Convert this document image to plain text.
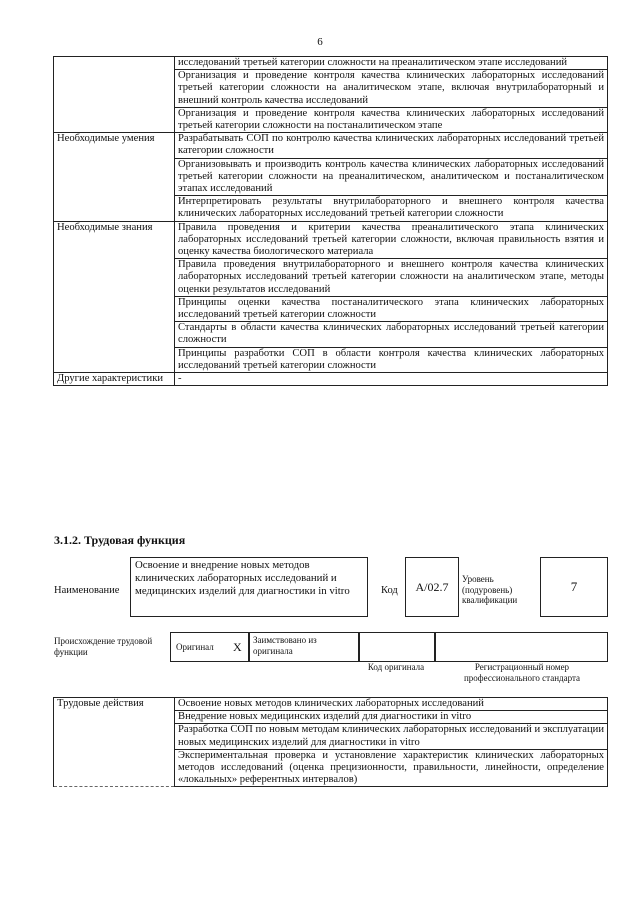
6
	исследований третьей категории сложности на преаналитическом этапе исследований
	Организация и проведение контроля качества клинических лабораторных исследований третьей категории сложности на аналитическом этапе, включая внутрилабораторный и внешний контроль качества исследований
	Организация и проведение контроля качества клинических лабораторных исследований третьей категории сложности на постаналитическом этапе
Необходимые умения	Разрабатывать СОП по контролю качества клинических лабораторных исследований третьей категории сложности
	Организовывать и производить контроль качества клинических лабораторных исследований третьей категории сложности на преаналитическом, аналитическом и постаналитическом этапах исследований
	Интерпретировать результаты внутрилабораторного и внешнего контроля качества клинических лабораторных исследований третьей категории сложности
Необходимые знания	Правила проведения и критерии качества преаналитического этапа клинических лабораторных исследований третьей категории сложности, включая правильность взятия и оценку качества биологического материала
	Правила проведения внутрилабораторного и внешнего контроля качества клинических лабораторных исследований третьей категории сложности на аналитическом этапе, методы оценки результатов исследований
	Принципы оценки качества постаналитического этапа клинических лабораторных исследований третьей категории сложности
	Стандарты в области качества клинических лабораторных исследований третьей категории сложности
	Принципы разработки СОП в области контроля качества клинических лабораторных исследований третьей категории сложности
Другие характеристики	-
3.1.2. Трудовая функция
Наименование
Освоение и внедрение новых методов клинических лабораторных исследований и медицинских изделий для диагностики in vitro	Код А/02.7
Уровень (подуровень) квалификации
7
Происхождение трудовой функции	Оригинал X Заимствовано из оригинала
Код оригинала	Регистрационный номер профессионального стандарта
Трудовые действия	Освоение новых методов клинических лабораторных исследований
Внедрение новых медицинских изделий для диагностики in vitro
Разработка СОП по новым методам клинических лабораторных исследований и эксплуатации новых медицинских изделий для диагностики in vitro
Экспериментальная проверка и установление характеристик клинических лабораторных методов исследований (оценка прецизионности, правильности, линейности, определение «локальных» референтных интервалов)
